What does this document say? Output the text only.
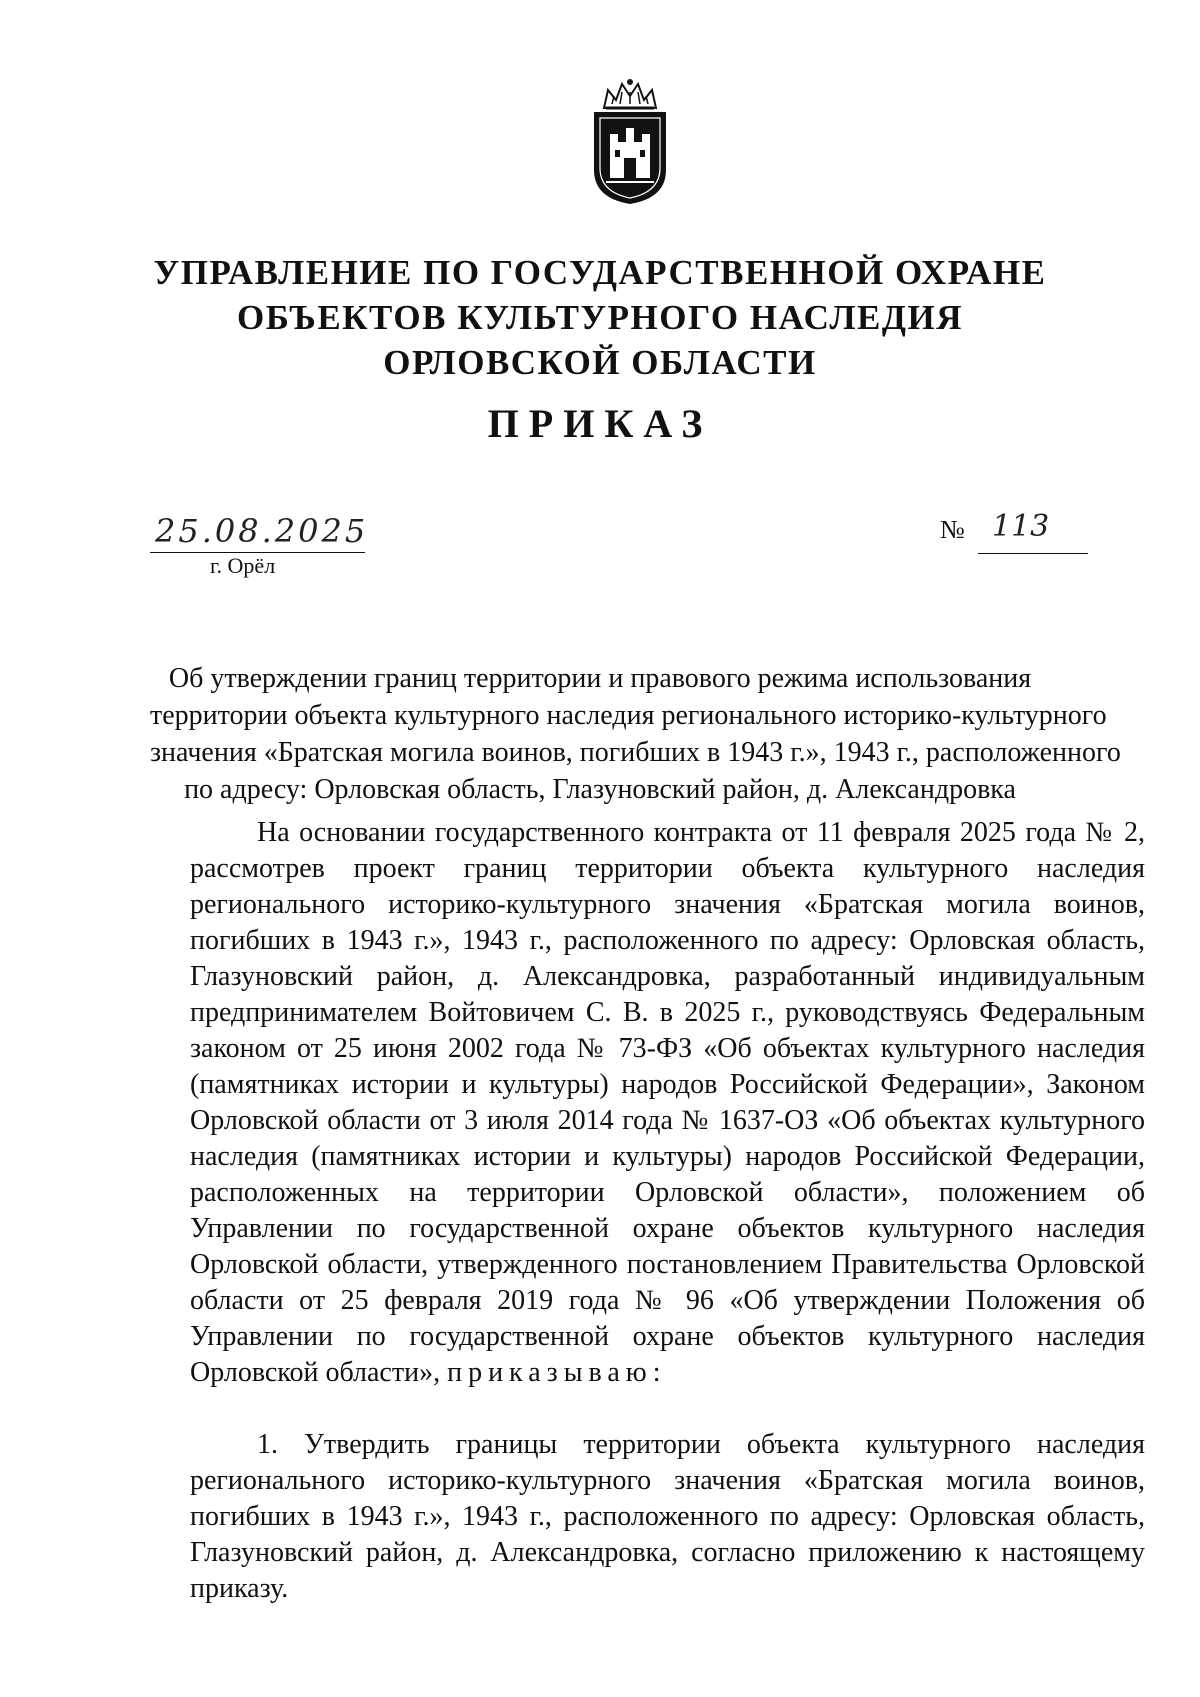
УПРАВЛЕНИЕ ПО ГОСУДАРСТВЕННОЙ ОХРАНЕ
ОБЪЕКТОВ КУЛЬТУРНОГО НАСЛЕДИЯ
ОРЛОВСКОЙ ОБЛАСТИ
ПРИКАЗ
25.08.2025
г. Орёл
№ 113
Об утверждении границ территории и правового режима использования
территории объекта культурного наследия регионального историко-культурного
значения «Братская могила воинов, погибших в 1943 г.», 1943 г., расположенного
по адресу: Орловская область, Глазуновский район, д. Александровка

На основании государственного контракта от 11 февраля 2025 года № 2, рассмотрев проект границ территории объекта культурного наследия регионального историко-культурного значения «Братская могила воинов, погибших в 1943 г.», 1943 г., расположенного по адресу: Орловская область, Глазуновский район, д. Александровка, разработанный индивидуальным предпринимателем Войтовичем С. В. в 2025 г., руководствуясь Федеральным законом от 25 июня 2002 года № 73-ФЗ «Об объектах культурного наследия (памятниках истории и культуры) народов Российской Федерации», Законом Орловской области от 3 июля 2014 года № 1637-ОЗ «Об объектах культурного наследия (памятниках истории и культуры) народов Российской Федерации, расположенных на территории Орловской области», положением об Управлении по государственной охране объектов культурного наследия Орловской области, утвержденного постановлением Правительства Орловской области от 25 февраля 2019 года № 96 «Об утверждении Положения об Управлении по государственной охране объектов культурного наследия Орловской области», приказываю:

1. Утвердить границы территории объекта культурного наследия регионального историко-культурного значения «Братская могила воинов, погибших в 1943 г.», 1943 г., расположенного по адресу: Орловская область, Глазуновский район, д. Александровка, согласно приложению к настоящему приказу.
